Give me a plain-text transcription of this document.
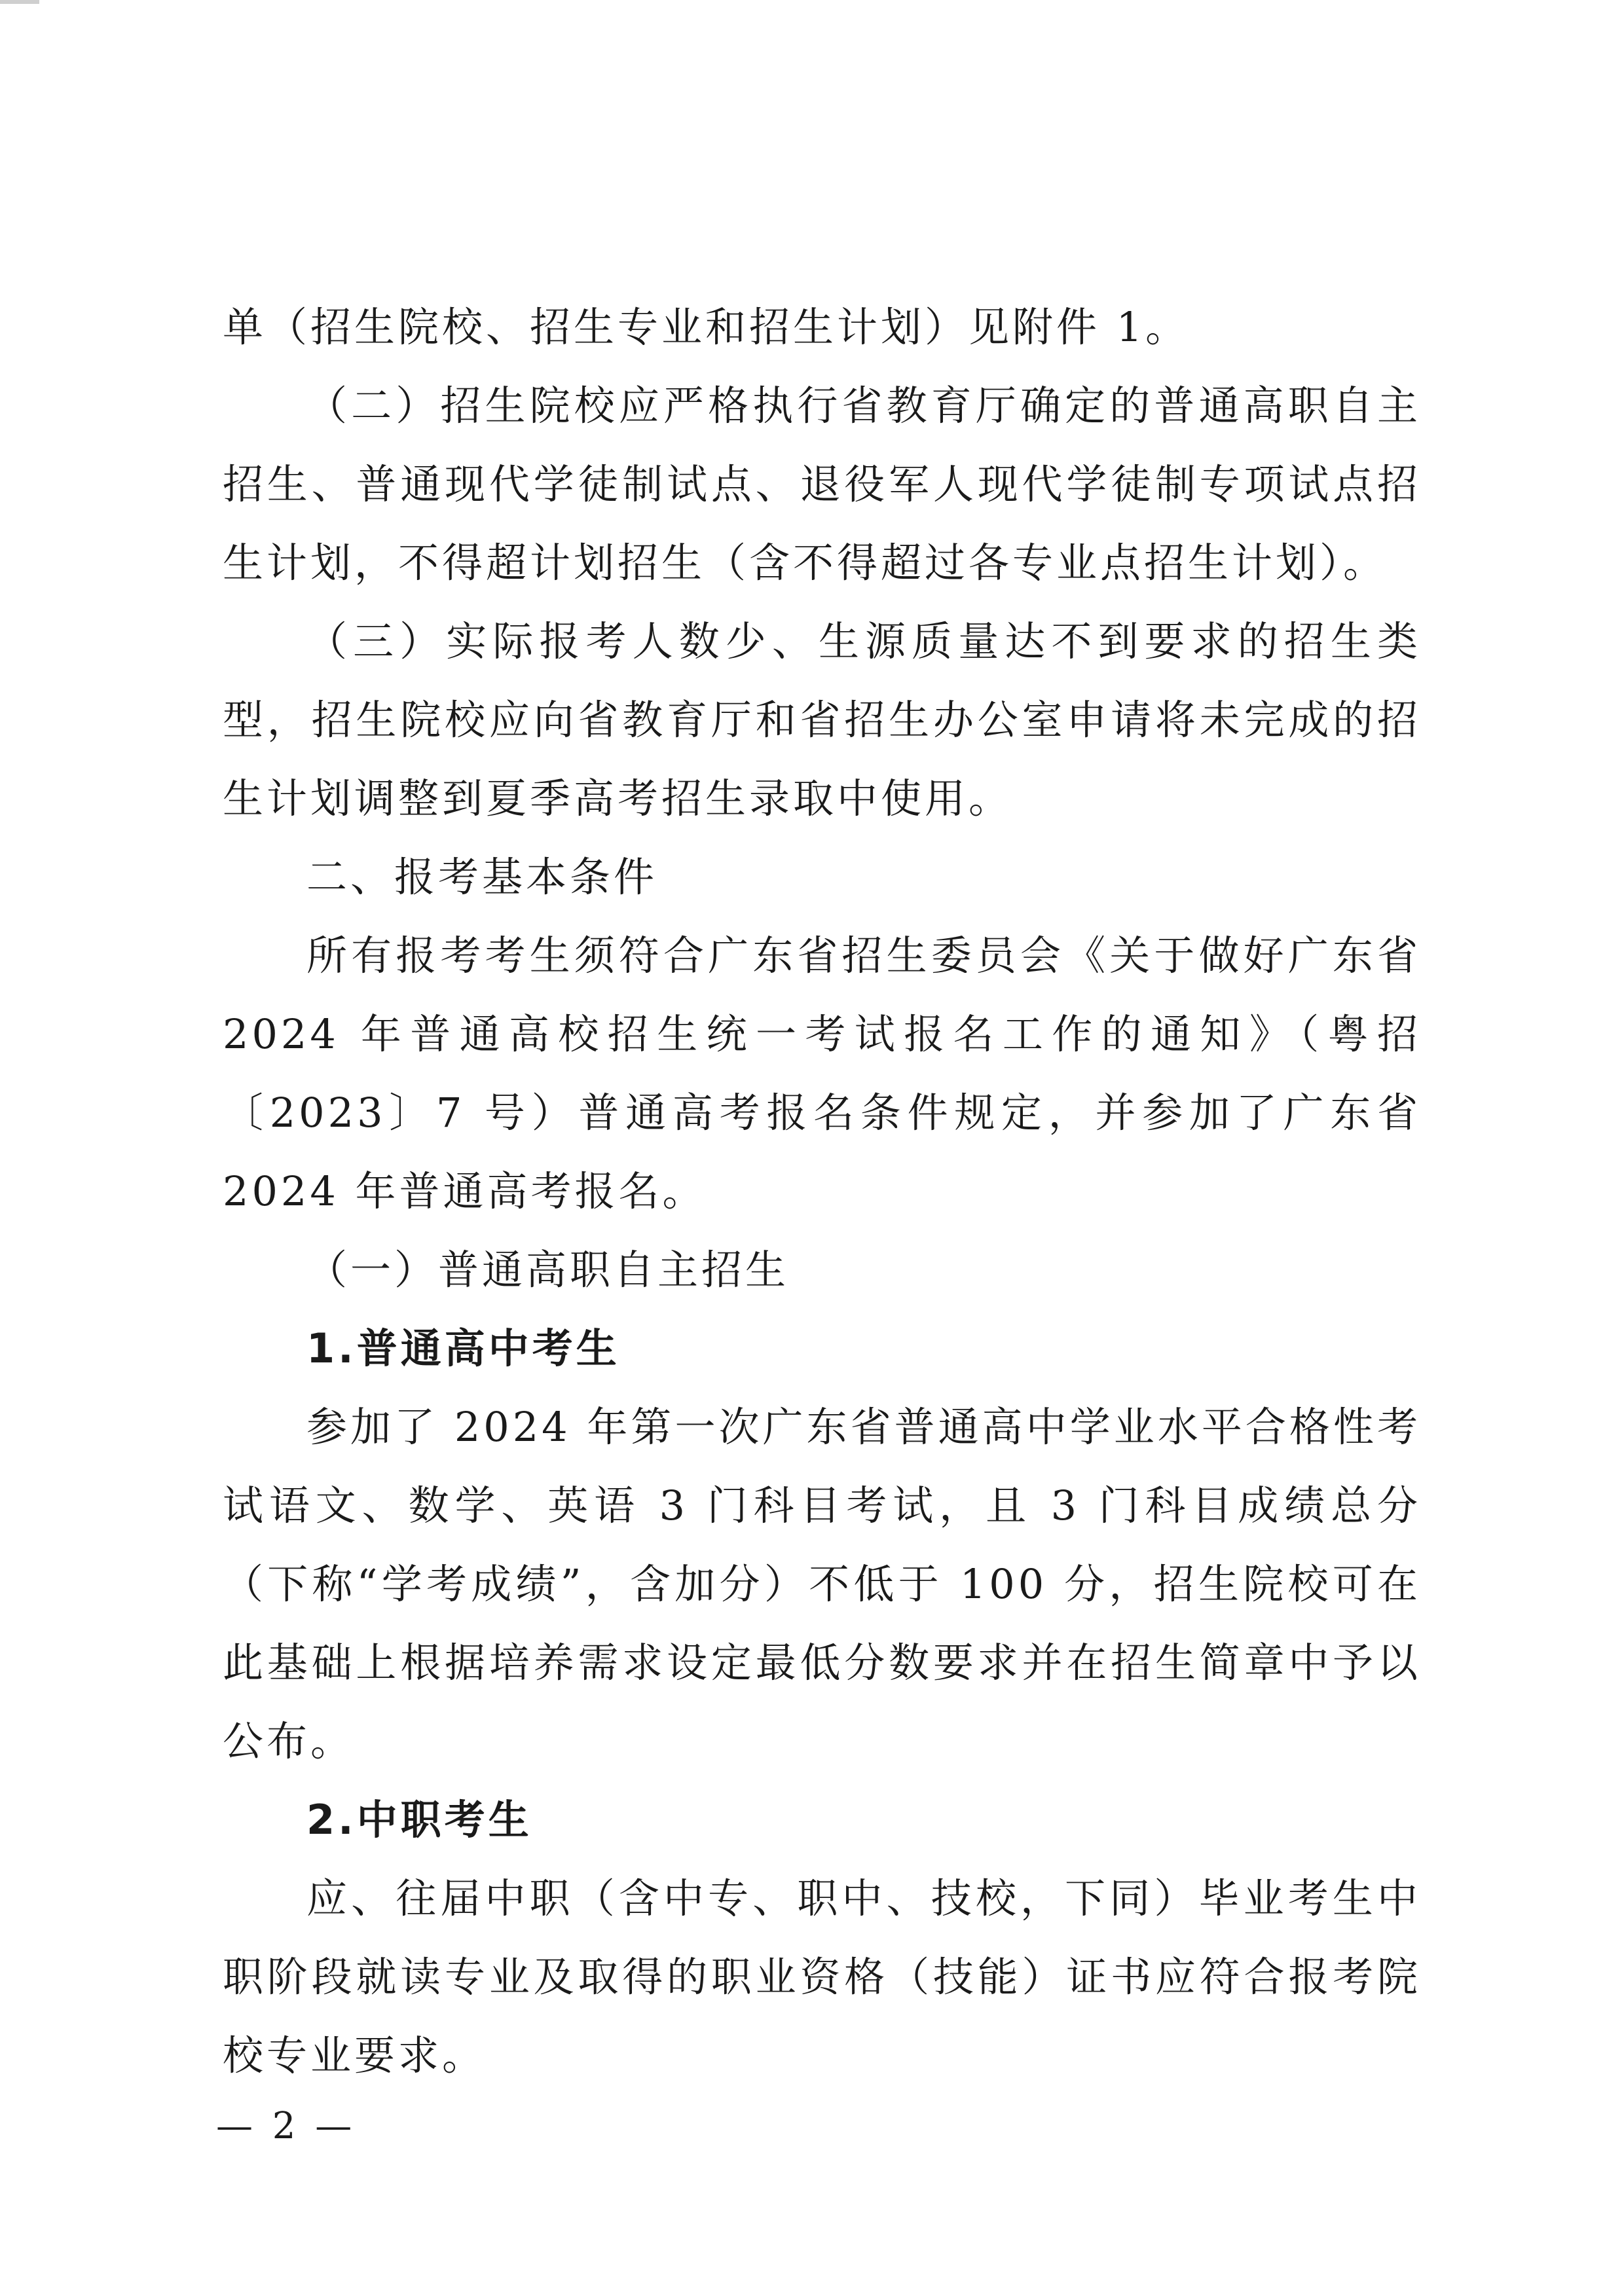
单（招生院校、招生专业和招生计划）见附件 1。

（二）招生院校应严格执行省教育厅确定的普通高职自主招生、普通现代学徒制试点、退役军人现代学徒制专项试点招生计划，不得超计划招生（含不得超过各专业点招生计划）。

（三）实际报考人数少、生源质量达不到要求的招生类型，招生院校应向省教育厅和省招生办公室申请将未完成的招生计划调整到夏季高考招生录取中使用。

二、报考基本条件

所有报考考生须符合广东省招生委员会《关于做好广东省 2024 年普通高校招生统一考试报名工作的通知》（粤招〔2023〕7 号）普通高考报名条件规定，并参加了广东省 2024 年普通高考报名。

（一）普通高职自主招生

1.普通高中考生

参加了 2024 年第一次广东省普通高中学业水平合格性考试语文、数学、英语 3 门科目考试，且 3 门科目成绩总分（下称“学考成绩”，含加分）不低于 100 分，招生院校可在此基础上根据培养需求设定最低分数要求并在招生简章中予以公布。

2.中职考生

应、往届中职（含中专、职中、技校，下同）毕业考生中职阶段就读专业及取得的职业资格（技能）证书应符合报考院校专业要求。

— 2 —
